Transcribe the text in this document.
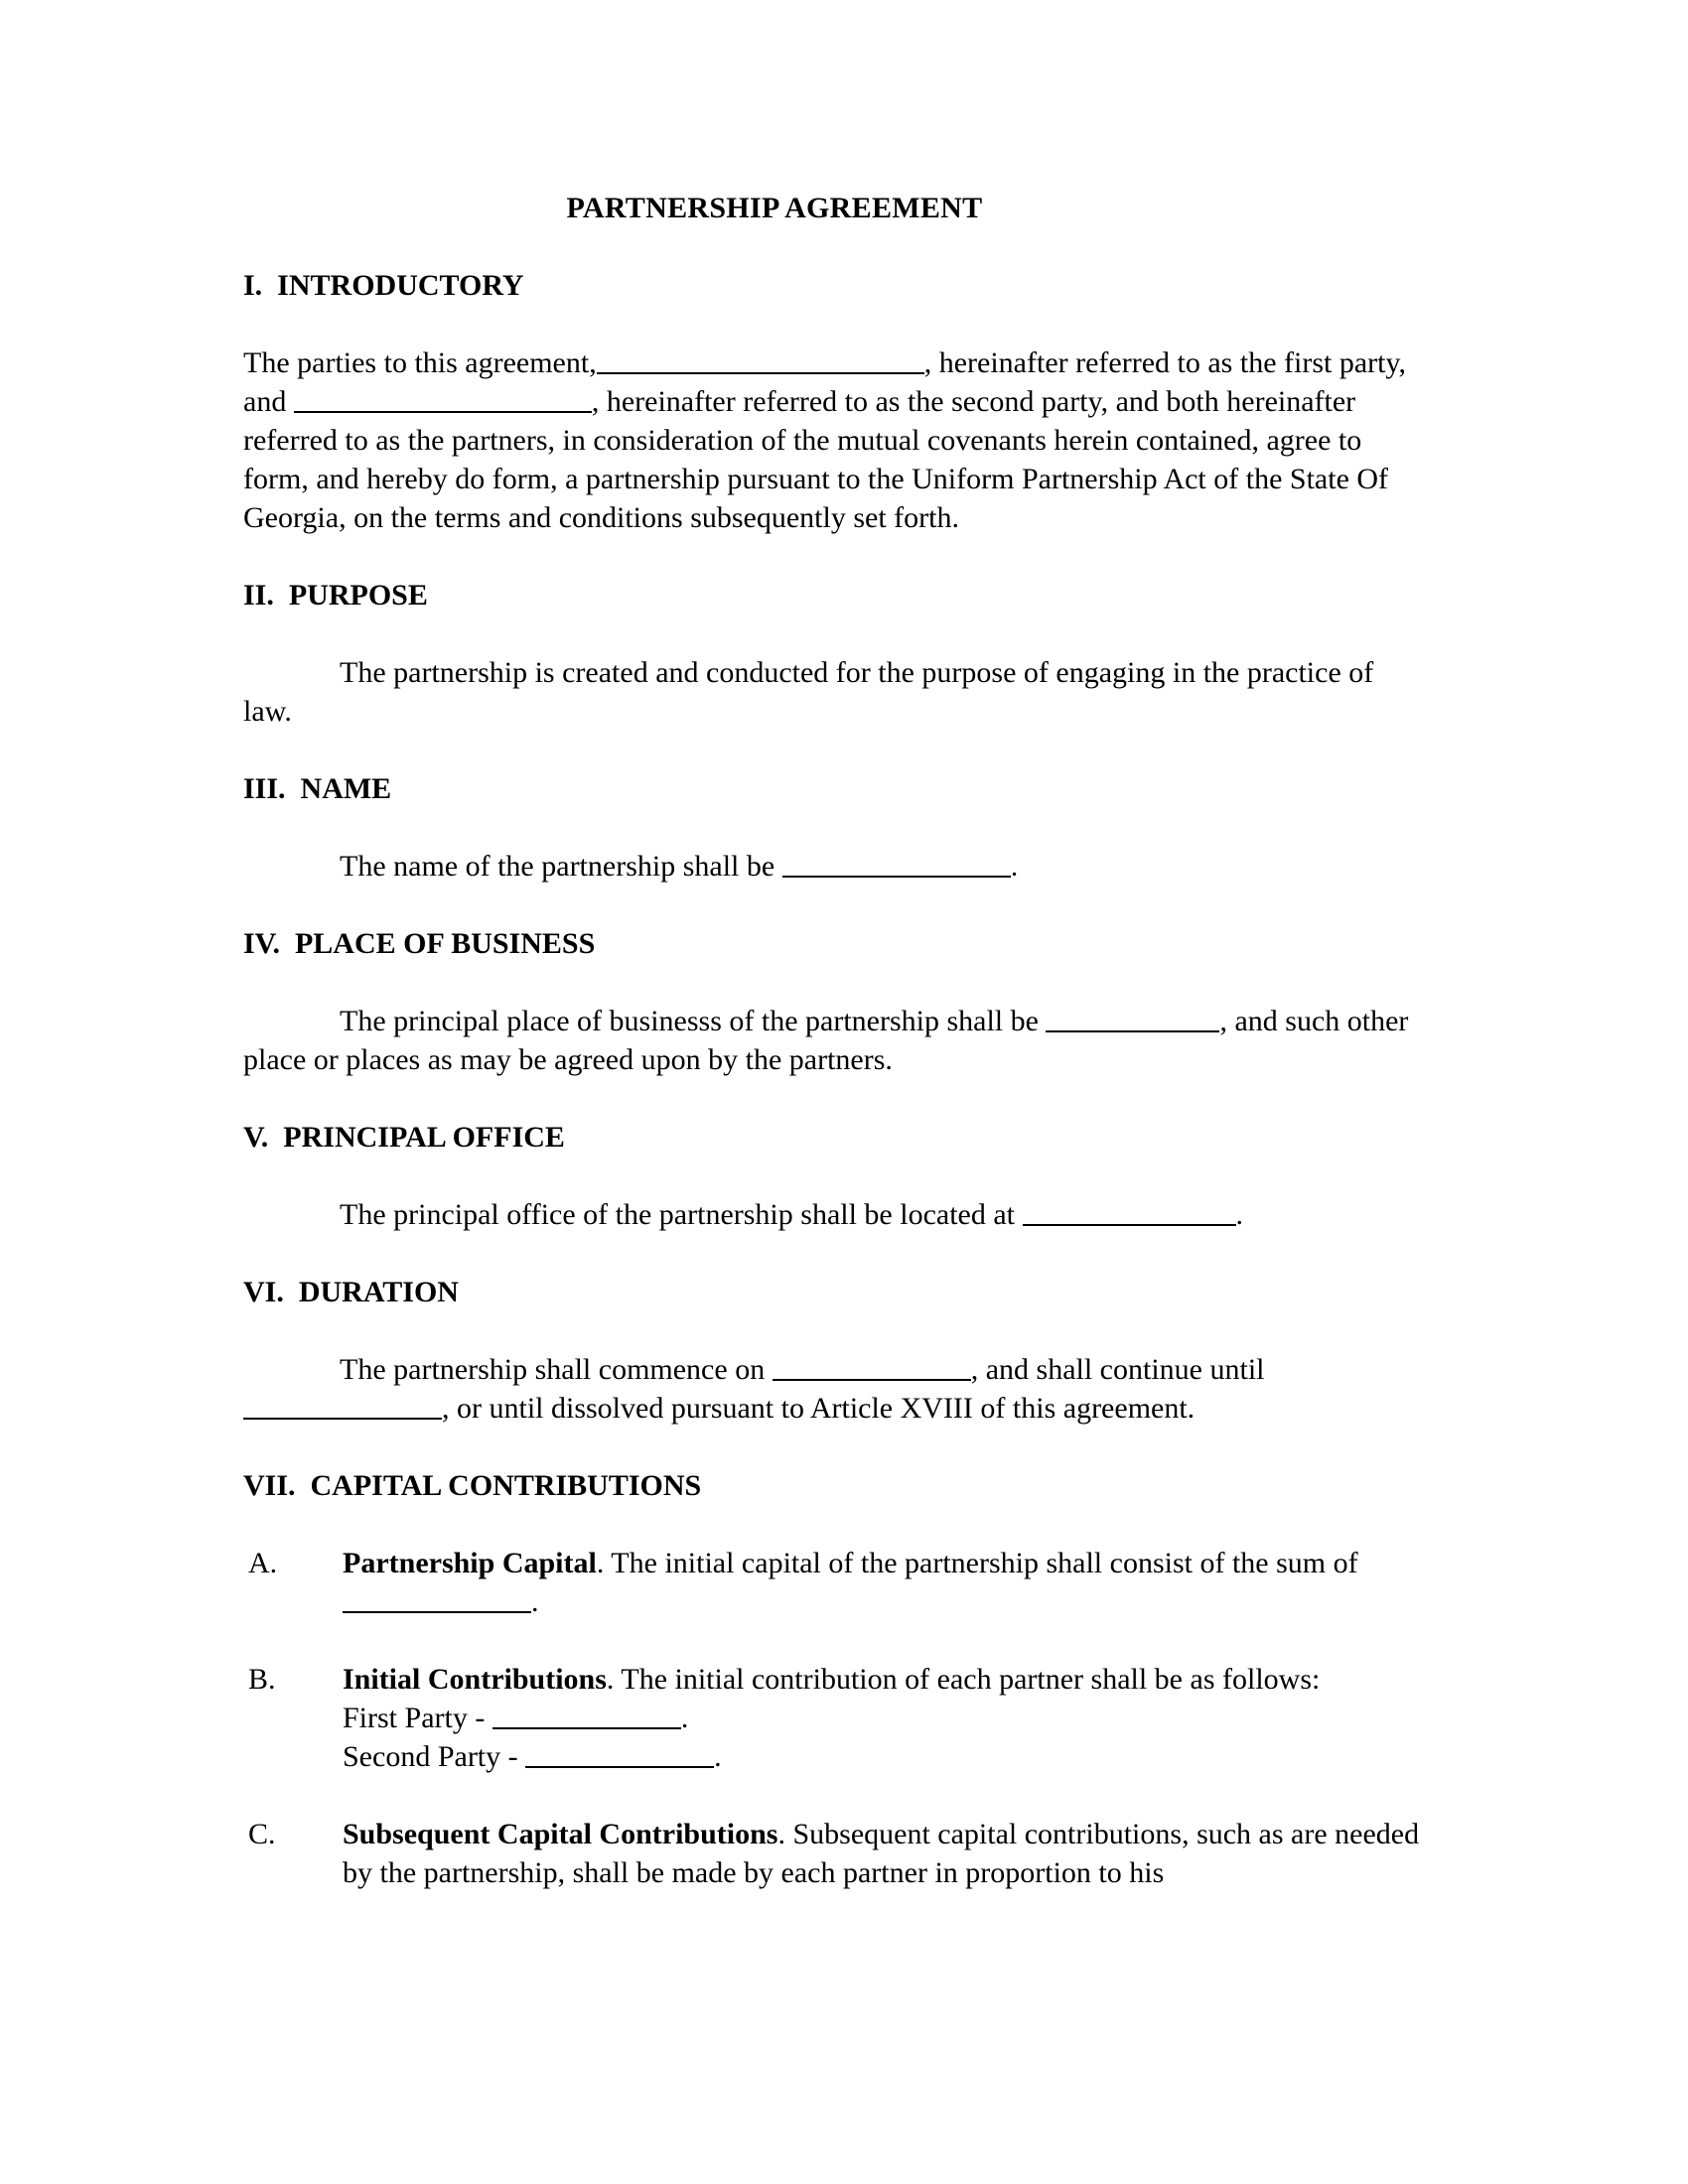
PARTNERSHIP AGREEMENT
I.  INTRODUCTORY
The parties to this agreement,	, hereinafter referred to as the first party, and	, hereinafter referred to as the second party, and both hereinafter referred to as the partners, in consideration of the mutual covenants herein contained, agree to form, and hereby do form, a partnership pursuant to the Uniform Partnership Act of the State Of Georgia, on the terms and conditions subsequently set forth.
II.  PURPOSE
The partnership is created and conducted for the purpose of engaging in the practice of law.
III.  NAME
The name of the partnership shall be	.
IV.  PLACE OF BUSINESS
The principal place of businesss of the partnership shall be	, and such other place or places as may be agreed upon by the partners.
V.  PRINCIPAL OFFICE
The principal office of the partnership shall be located at	.
VI.  DURATION
The partnership shall commence on	, and shall continue until , or until dissolved pursuant to Article XVIII of this agreement.
VII.  CAPITAL CONTRIBUTIONS
A. Partnership Capital. The initial capital of the partnership shall consist of the sum of .
B. Initial Contributions. The initial contribution of each partner shall be as follows:
First Party -	.
Second Party -	.
C. Subsequent Capital Contributions. Subsequent capital contributions, such as are needed by the partnership, shall be made by each partner in proportion to his
